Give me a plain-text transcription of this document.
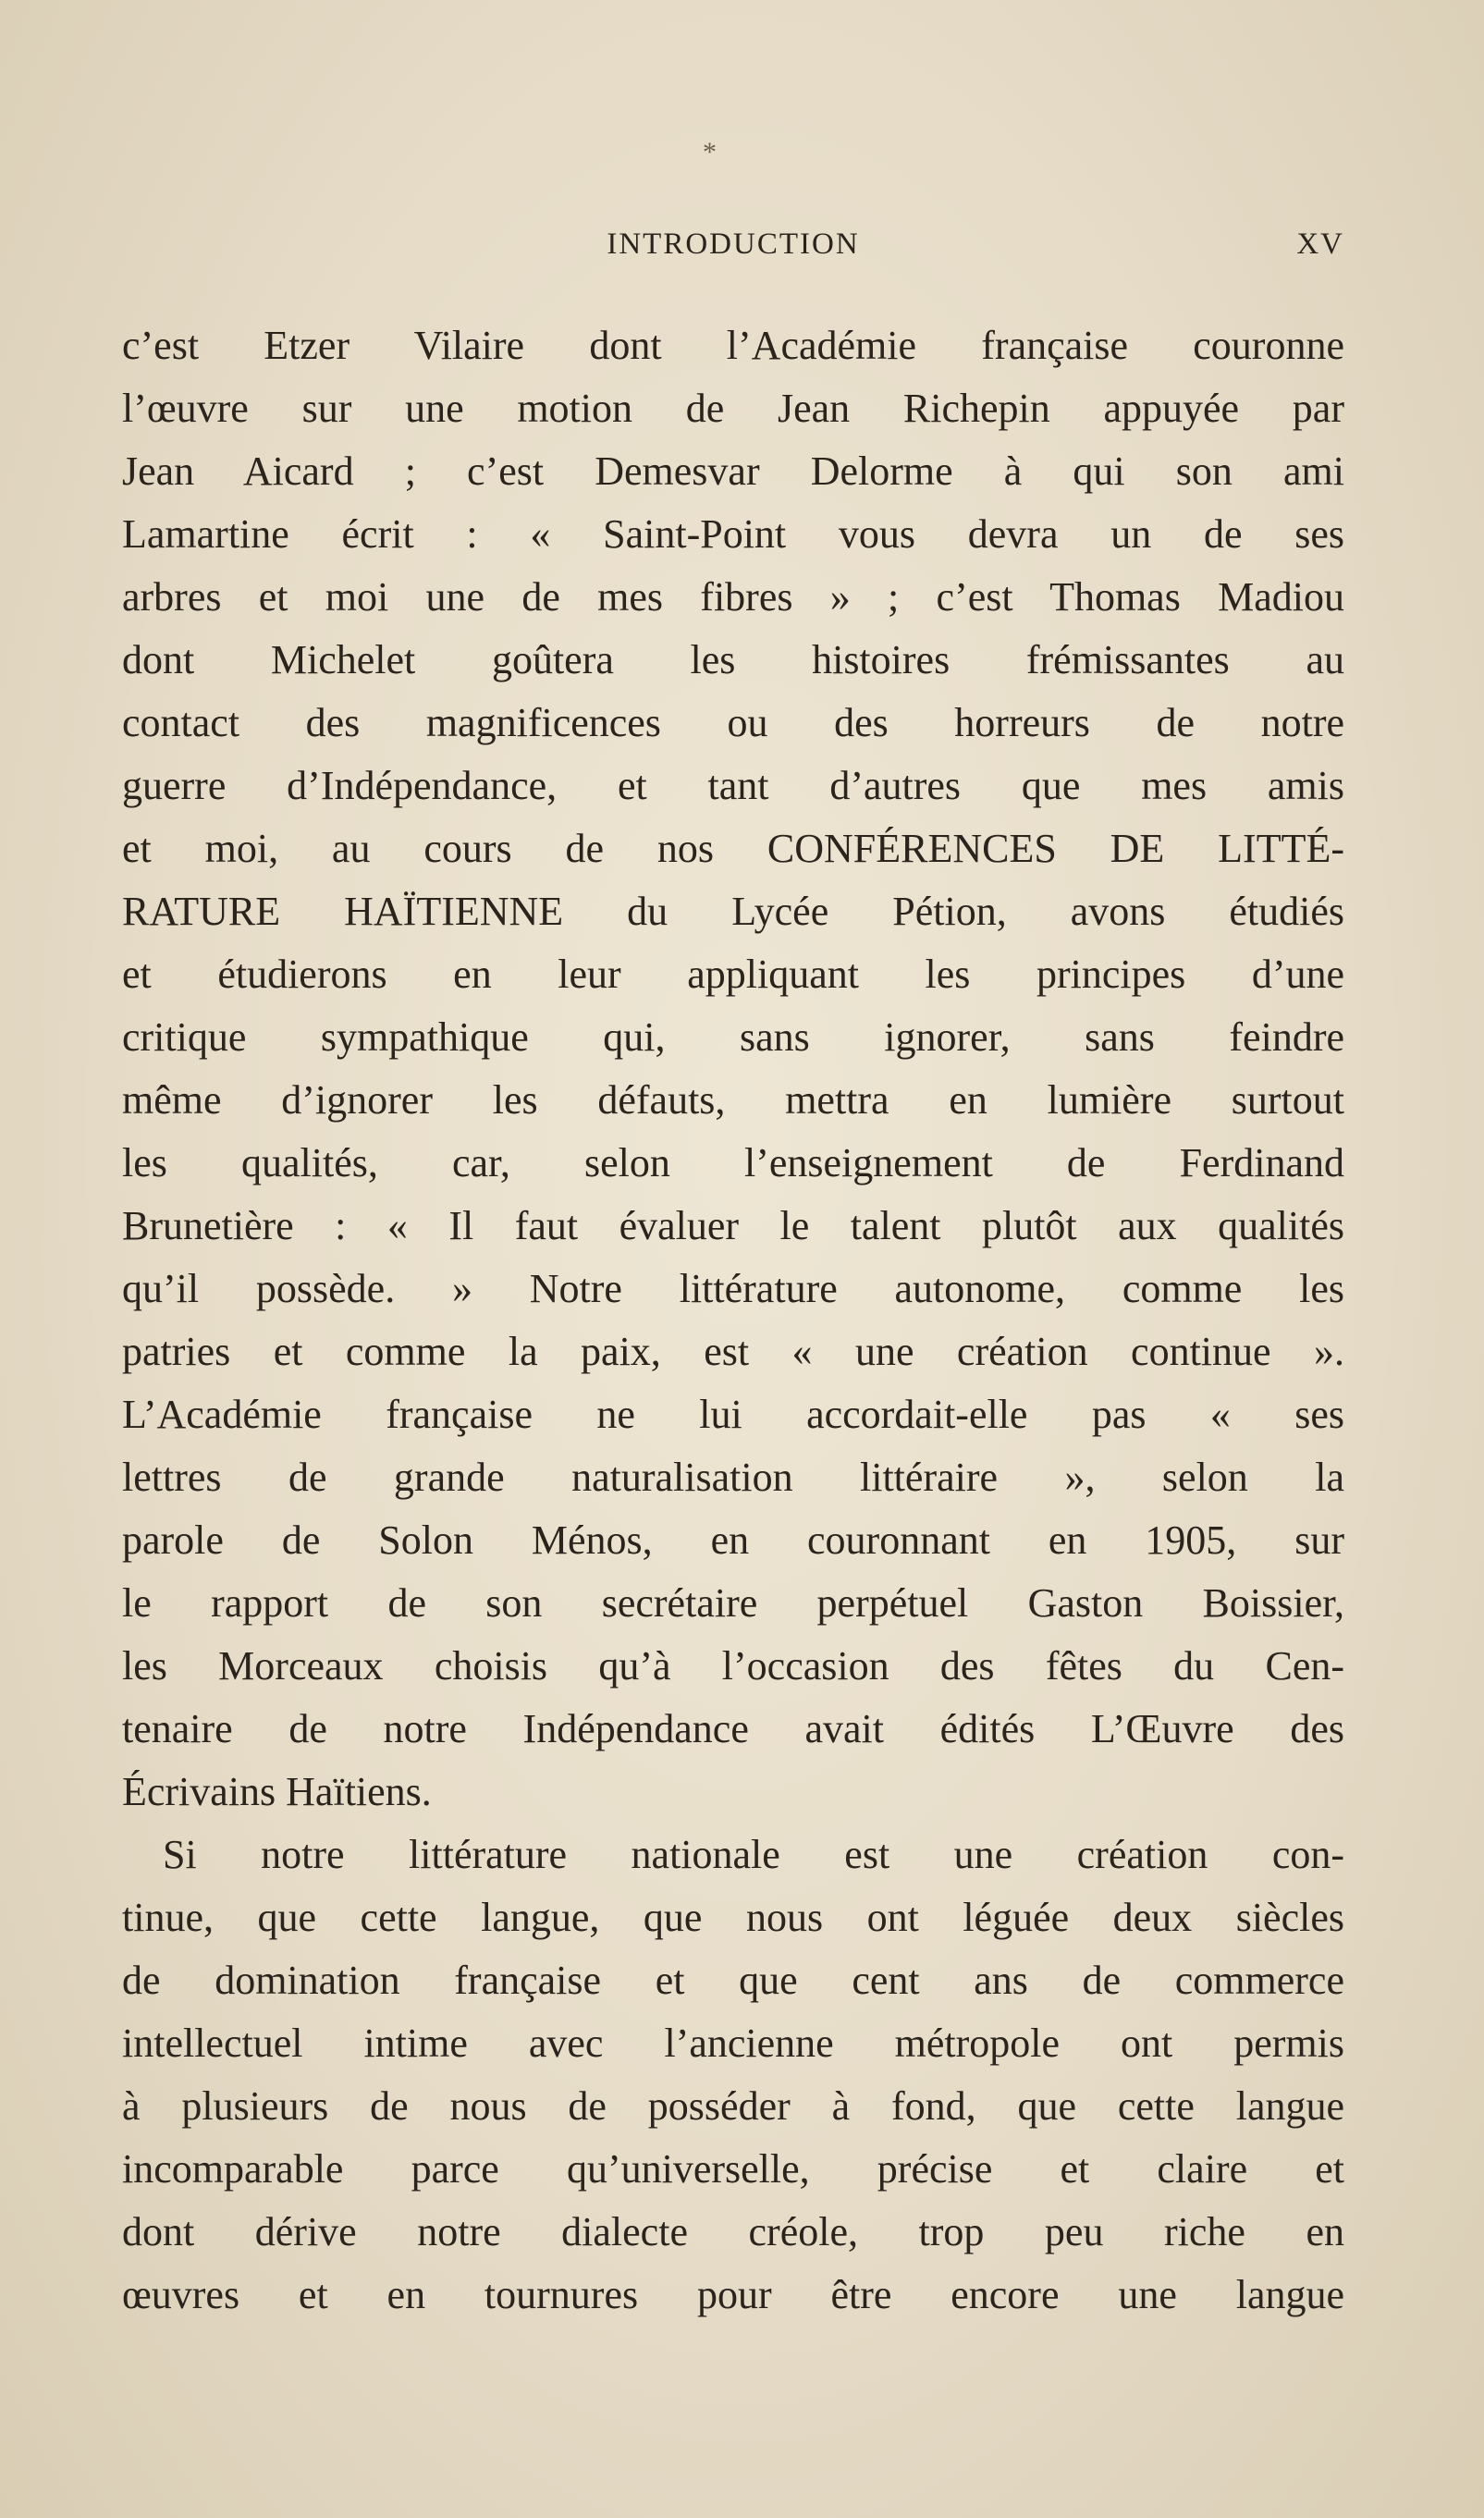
*
INTRODUCTION	XV
c’est Etzer Vilaire dont l’Académie française couronne
l’œuvre sur une motion de Jean Richepin appuyée par
Jean Aicard ; c’est Demesvar Delorme à qui son ami
Lamartine écrit : « Saint-Point vous devra un de ses
arbres et moi une de mes fibres » ; c’est Thomas Madiou
dont Michelet goûtera les histoires frémissantes au
contact des magnificences ou des horreurs de notre
guerre d’Indépendance, et tant d’autres que mes amis
et moi, au cours de nos CONFÉRENCES DE LITTÉ-
RATURE HAÏTIENNE du Lycée Pétion, avons étudiés
et étudierons en leur appliquant les principes d’une
critique sympathique qui, sans ignorer, sans feindre
même d’ignorer les défauts, mettra en lumière surtout
les qualités, car, selon l’enseignement de Ferdinand
Brunetière : « Il faut évaluer le talent plutôt aux qualités
qu’il possède. » Notre littérature autonome, comme les
patries et comme la paix, est « une création continue ».
L’Académie française ne lui accordait-elle pas « ses
lettres de grande naturalisation littéraire », selon la
parole de Solon Ménos, en couronnant en 1905, sur
le rapport de son secrétaire perpétuel Gaston Boissier,
les Morceaux choisis qu’à l’occasion des fêtes du Cen-
tenaire de notre Indépendance avait édités L’Œuvre des
Écrivains Haïtiens.
Si notre littérature nationale est une création con-
tinue, que cette langue, que nous ont léguée deux siècles
de domination française et que cent ans de commerce
intellectuel intime avec l’ancienne métropole ont permis
à plusieurs de nous de posséder à fond, que cette langue
incomparable parce qu’universelle, précise et claire et
dont dérive notre dialecte créole, trop peu riche en
œuvres et en tournures pour être encore une langue
